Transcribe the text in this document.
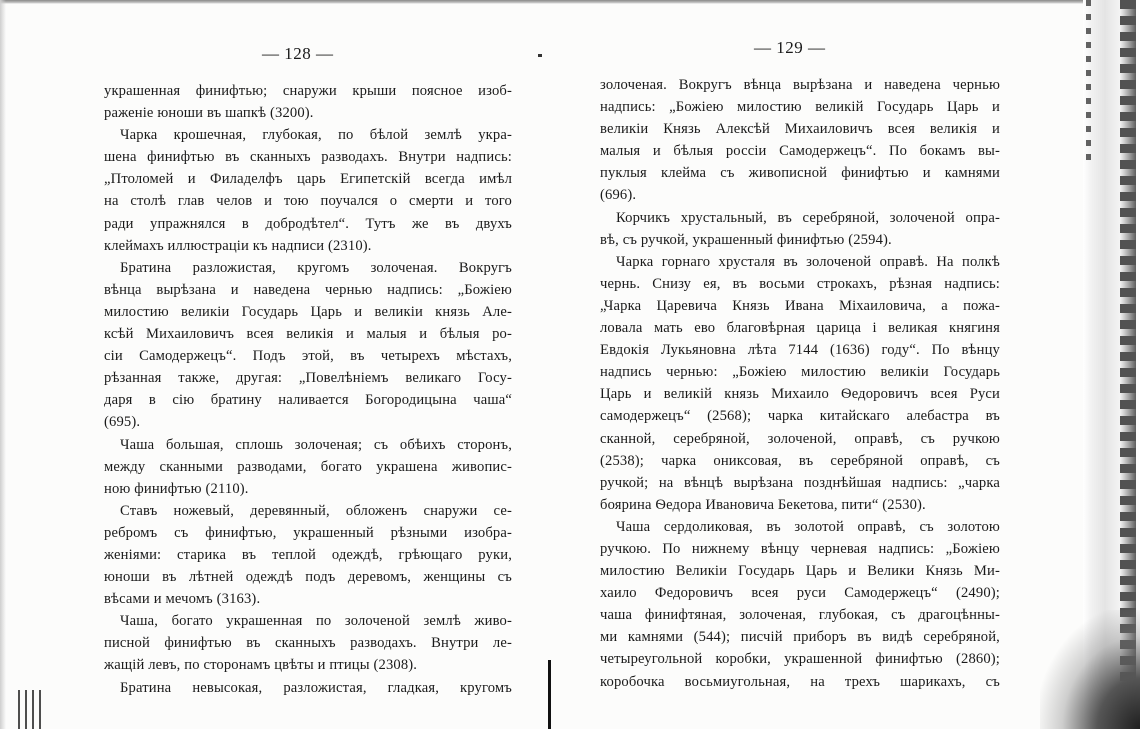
— 128 —
украшенная финифтью; снаружи крыши поясное изоб-
раженіе юноши въ шапкѣ (3200).
Чарка крошечная, глубокая, по бѣлой землѣ укра-
шена финифтью въ сканныхъ разводахъ. Внутри надпись:
„Птоломей и Филаделфъ царь Египетскій всегда имѣл
на столѣ глав челов и тою поучался о смерти и того
ради упражнялся в добродѣтел“. Тутъ же въ двухъ
клеймахъ иллюстраціи къ надписи (2310).
Братина разложистая, кругомъ золоченая. Вокругъ
вѣнца вырѣзана и наведена чернью надпись: „Божіею
милостию великіи Государь Царь и великіи князь Але-
ксѣй Михаиловичъ всея великія и малыя и бѣлыя ро-
сіи Самодержецъ“. Подъ этой, въ четырехъ мѣстахъ,
рѣзанная также, другая: „Повелѣніемъ великаго Госу-
даря в сію братину наливается Богородицына чаша“
(695).
Чаша большая, сплошь золоченая; съ обѣихъ сторонъ,
между сканными разводами, богато украшена живопис-
ною финифтью (2110).
Ставъ ножевый, деревянный, обложенъ снаружи се-
ребромъ съ финифтью, украшенный рѣзными изобра-
женіями: старика въ теплой одеждѣ, грѣющаго руки,
юноши въ лѣтней одеждѣ подъ деревомъ, женщины съ
вѣсами и мечомъ (3163).
Чаша, богато украшенная по золоченой землѣ живо-
писной финифтью въ сканныхъ разводахъ. Внутри ле-
жащій левъ, по сторонамъ цвѣты и птицы (2308).
Братина невысокая, разложистая, гладкая, кругомъ
— 129 —
золоченая. Вокругъ вѣнца вырѣзана и наведена чернью
надпись: „Божіею милостию великій Государь Царь и
великіи Князь Алексѣй Михаиловичъ всея великія и
малыя и бѣлыя россіи Самодержецъ“. По бокамъ вы-
пуклыя клейма съ живописной финифтью и камнями
(696).
Корчикъ хрустальный, въ серебряной, золоченой опра-
вѣ, съ ручкой, украшенный финифтью (2594).
Чарка горнаго хрусталя въ золоченой оправѣ. На полкѣ
чернь. Снизу ея, въ восьми строкахъ, рѣзная надпись:
„Чарка Царевича Князь Ивана Міхаиловича, а пожа-
ловала мать ево благовѣрная царица і великая княгиня
Евдокія Лукьяновна лѣта 7144 (1636) году“. По вѣнцу
надпись чернью: „Божіею милостию великіи Государь
Царь и великій князь Михаило Ѳедоровичъ всея Руси
самодержецъ“ (2568); чарка китайскаго алебастра въ
сканной, серебряной, золоченой, оправѣ, съ ручкою
(2538); чарка ониксовая, въ серебряной оправѣ, съ
ручкой; на вѣнцѣ вырѣзана позднѣйшая надпись: „чарка
боярина Ѳедора Ивановича Бекетова, пити“ (2530).
Чаша сердоликовая, въ золотой оправѣ, съ золотою
ручкою. По нижнему вѣнцу черневая надпись: „Божіею
милостию Великіи Государь Царь и Велики Князь Ми-
хаило Федоровичъ всея руси Самодержецъ“ (2490);
чаша финифтяная, золоченая, глубокая, съ драгоцѣнны-
ми камнями (544); писчій приборъ въ видѣ серебряной,
четыреугольной коробки, украшенной финифтью (2860);
коробочка восьмиугольная, на трехъ шарикахъ, съ
